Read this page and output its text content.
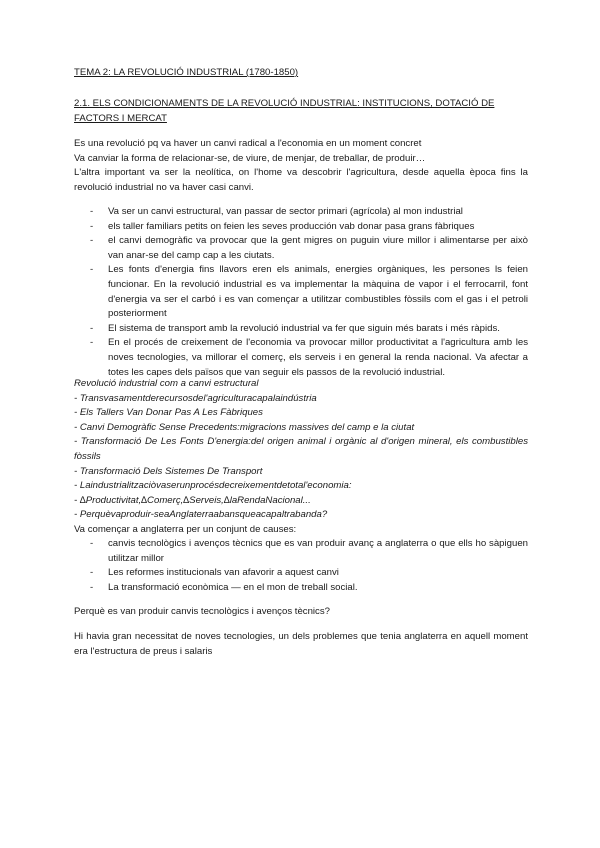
TEMA 2: LA REVOLUCIÓ INDUSTRIAL (1780-1850)

2.1. ELS CONDICIONAMENTS DE LA REVOLUCIÓ INDUSTRIAL: INSTITUCIONS, DOTACIÓ DE FACTORS I MERCAT

Es una revolució pq va haver un canvi radical a l'economia en un moment concret

Va canviar la forma de relacionar-se, de viure, de menjar, de treballar, de produir…

L'altra important va ser la neolítica, on l'home va descobrir l'agricultura, desde aquella època fins la revolució industrial no va haver casi canvi.

- Va ser un canvi estructural, van passar de sector primari (agrícola) al mon industrial
- els taller familiars petits on feien les seves producción vab donar pasa grans fàbriques
- el canvi demogràfic va provocar que la gent migres on puguin viure millor i alimentarse per això van anar-se del camp cap a les ciutats.
- Les fonts d'energia fins llavors eren els animals, energies orgàniques, les persones ls feien funcionar. En la revolució industrial es va implementar la màquina de vapor i el ferrocarril, font d'energia va ser el carbó i es van començar a utilitzar combustibles fòssils com el gas i el petroli posteriorment
- El sistema de transport amb la revolució industrial va fer que siguin més barats i més ràpids.
- En el procés de creixement de l'economia va provocar millor productivitat a l'agricultura amb les noves tecnologies, va millorar el comerç, els serveis i en general la renda nacional. Va afectar a totes les capes dels països que van seguir els passos de la revolució industrial.

Revolució industrial com a canvi estructural

- Transvasamentderecursosdel'agriculturacapalaindústria

- Els Tallers Van Donar Pas A Les Fàbriques

- Canvi Demogràfic Sense Precedents:migracions massives del camp e la ciutat

- Transformació De Les Fonts D'energia:del origen animal i orgànic al d'origen mineral, els combustibles fòssils

- Transformació Dels Sistemes De Transport

- Laindustrialitzaciòvaserunprocésdecreixementdetotal'economia:

- ∆Productivitat,∆Comerç,∆Serveis,∆laRendaNacional...

- Perquèvaproduir-seaAnglaterraabansqueacapaltrabanda?

Va començar a anglaterra per un conjunt de causes:

- canvis tecnològics i avenços tècnics que es van produir avanç a anglaterra o que ells ho sàpiguen utilitzar millor
- Les reformes institucionals van afavorir a aquest canvi
- La transformació econòmica — en el mon de treball social.

Perquè es van produir canvis tecnològics i avenços tècnics?

Hi havia gran necessitat de noves tecnologies, un dels problemes que tenia anglaterra en aquell moment era l'estructura de preus i salaris
